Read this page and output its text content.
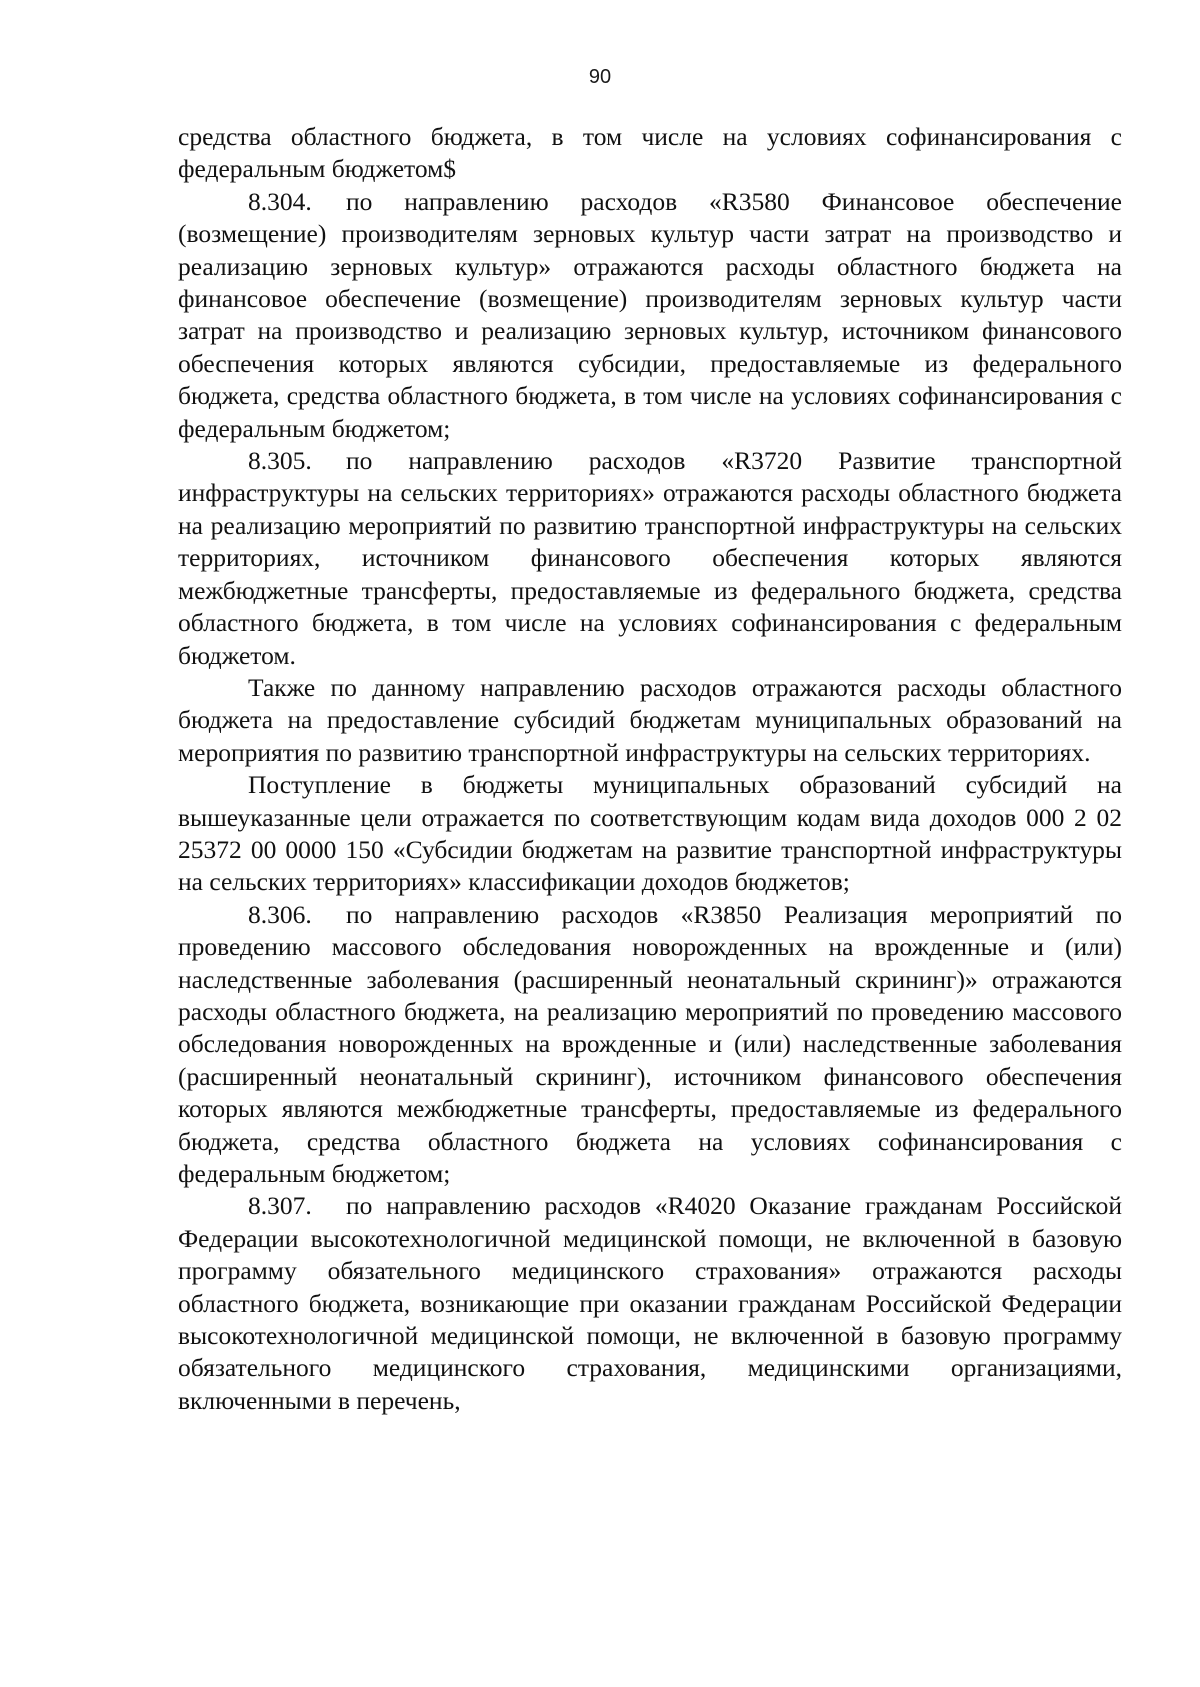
90

средства областного бюджета, в том числе на условиях софинансирования с федеральным бюджетом$

8.304. по направлению расходов «R3580 Финансовое обеспечение (возмещение) производителям зерновых культур части затрат на производство и реализацию зерновых культур» отражаются расходы областного бюджета на финансовое обеспечение (возмещение) производителям зерновых культур части затрат на производство и реализацию зерновых культур, источником финансового обеспечения которых являются субсидии, предоставляемые из федерального бюджета, средства областного бюджета, в том числе на условиях софинансирования с федеральным бюджетом;

8.305. по направлению расходов «R3720 Развитие транспортной инфраструктуры на сельских территориях» отражаются расходы областного бюджета на реализацию мероприятий по развитию транспортной инфраструктуры на сельских территориях, источником финансового обеспечения которых являются межбюджетные трансферты, предоставляемые из федерального бюджета, средства областного бюджета, в том числе на условиях софинансирования с федеральным бюджетом.

Также по данному направлению расходов отражаются расходы областного бюджета на предоставление субсидий бюджетам муниципальных образований на мероприятия по развитию транспортной инфраструктуры на сельских территориях.

Поступление в бюджеты муниципальных образований субсидий на вышеуказанные цели отражается по соответствующим кодам вида доходов 000 2 02 25372 00 0000 150 «Субсидии бюджетам на развитие транспортной инфраструктуры на сельских территориях» классификации доходов бюджетов;

8.306. по направлению расходов «R3850 Реализация мероприятий по проведению массового обследования новорожденных на врожденные и (или) наследственные заболевания (расширенный неонатальный скрининг)» отражаются расходы областного бюджета, на реализацию мероприятий по проведению массового обследования новорожденных на врожденные и (или) наследственные заболевания (расширенный неонатальный скрининг), источником финансового обеспечения которых являются межбюджетные трансферты, предоставляемые из федерального бюджета, средства областного бюджета на условиях софинансирования с федеральным бюджетом;

8.307. по направлению расходов «R4020 Оказание гражданам Российской Федерации высокотехнологичной медицинской помощи, не включенной в базовую программу обязательного медицинского страхования» отражаются расходы областного бюджета, возникающие при оказании гражданам Российской Федерации высокотехнологичной медицинской помощи, не включенной в базовую программу обязательного медицинского страхования, медицинскими организациями, включенными в перечень,
